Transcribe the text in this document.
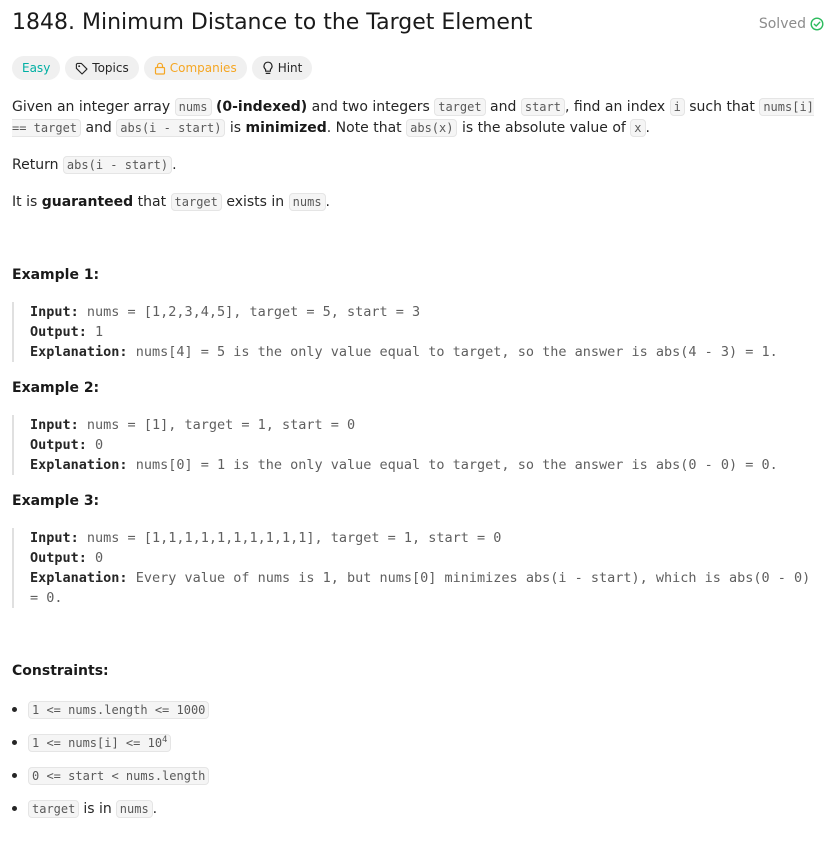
1848. Minimum Distance to the Target Element	Solved
Easy	Topics	Companies	Hint
Given an integer array nums (0-indexed) and two integers target and start , find an index i such that nums[i] == target and abs(i - start) is minimized. Note that abs(x) is the absolute value of x .
Return abs(i - start) .
It is guaranteed that target exists in nums .
Example 1:
Input: nums = [1,2,3,4,5], target = 5, start = 3
Output: 1
Explanation: nums[4] = 5 is the only value equal to target, so the answer is abs(4 - 3) = 1.
Example 2:
Input: nums = [1], target = 1, start = 0
Output: 0
Explanation: nums[0] = 1 is the only value equal to target, so the answer is abs(0 - 0) = 0.
Example 3:
Input: nums = [1,1,1,1,1,1,1,1,1,1], target = 1, start = 0
Output: 0
Explanation: Every value of nums is 1, but nums[0] minimizes abs(i - start), which is abs(0 - 0) = 0.
Constraints:
1 <= nums.length <= 1000
1 <= nums[i] <= $10^4$
0 <= start < nums.length
target is in nums .
